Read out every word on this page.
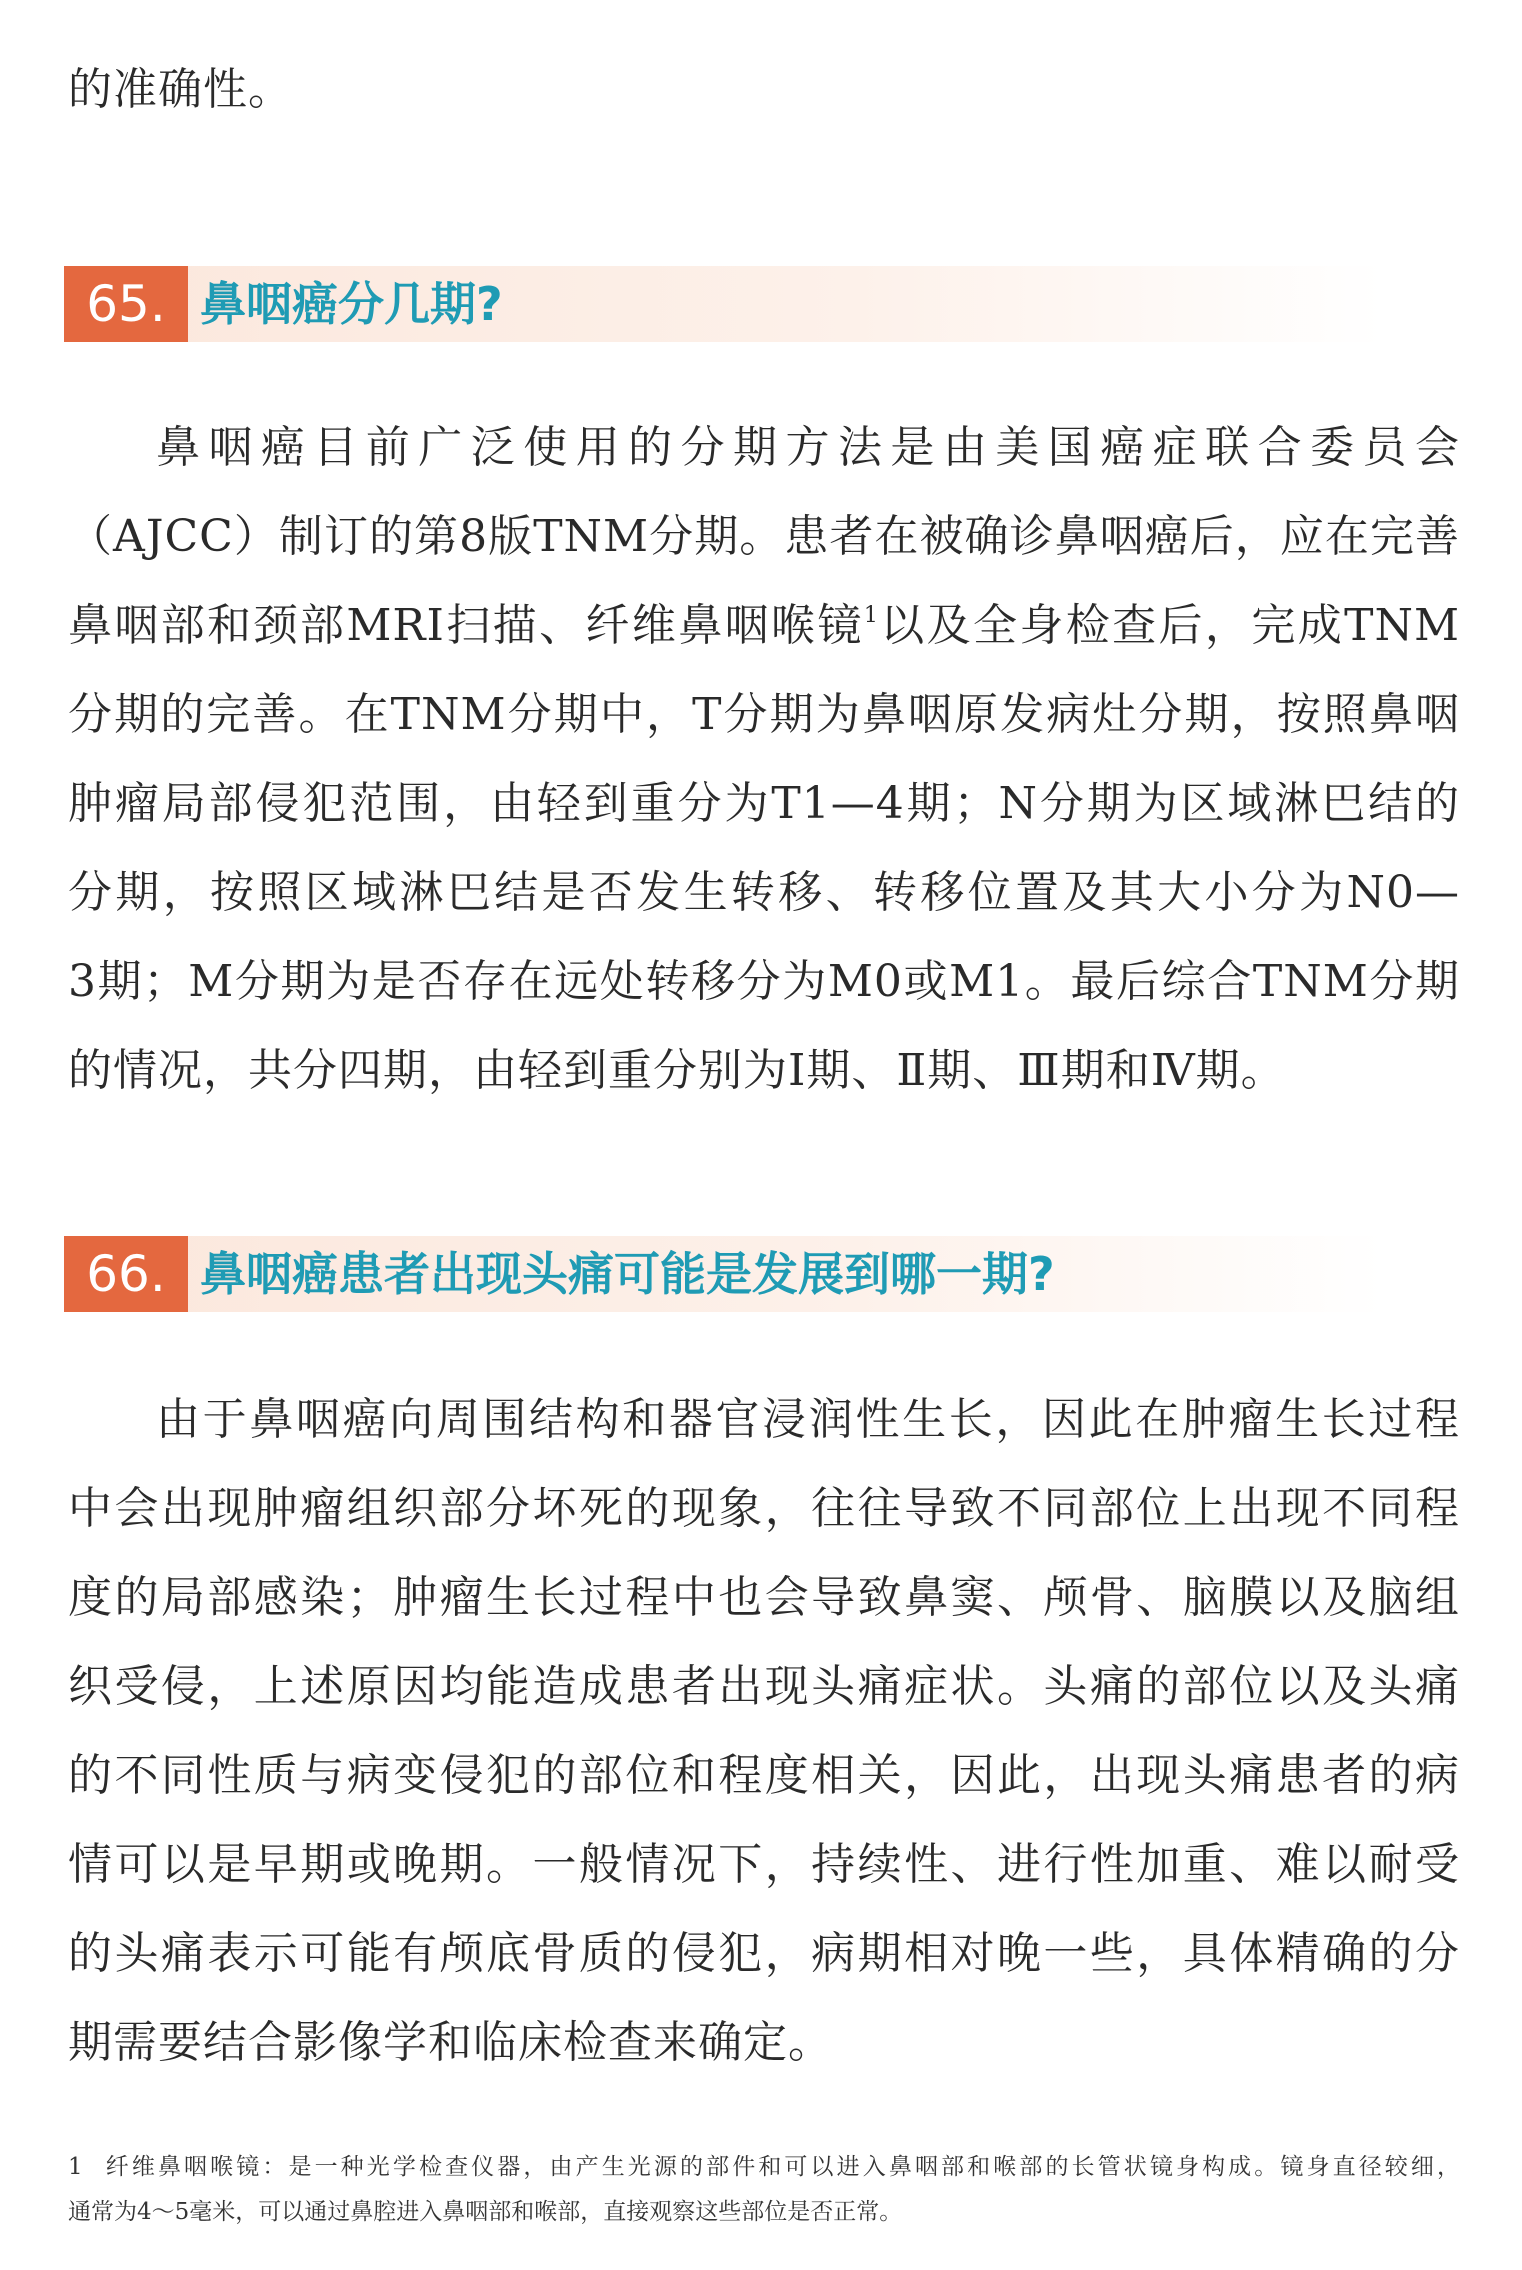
的准确性。
65. 鼻咽癌分几期?
鼻咽癌目前广泛使用的分期方法是由美国癌症联合委员会
（AJCC）制订的第8版TNM分期。患者在被确诊鼻咽癌后，应在完善
鼻咽部和颈部MRI扫描、纤维鼻咽喉镜$^1$以及全身检查后，完成TNM
分期的完善。在TNM分期中，T分期为鼻咽原发病灶分期，按照鼻咽
肿瘤局部侵犯范围，由轻到重分为T1—4期；N分期为区域淋巴结的
分期，按照区域淋巴结是否发生转移、转移位置及其大小分为N0—
3期；M分期为是否存在远处转移分为M0或M1。最后综合TNM分期
的情况，共分四期，由轻到重分别为Ⅰ期、Ⅱ期、Ⅲ期和Ⅳ期。
66. 鼻咽癌患者出现头痛可能是发展到哪一期?
由于鼻咽癌向周围结构和器官浸润性生长，因此在肿瘤生长过程
中会出现肿瘤组织部分坏死的现象，往往导致不同部位上出现不同程
度的局部感染；肿瘤生长过程中也会导致鼻窦、颅骨、脑膜以及脑组
织受侵，上述原因均能造成患者出现头痛症状。头痛的部位以及头痛
的不同性质与病变侵犯的部位和程度相关，因此，出现头痛患者的病
情可以是早期或晚期。一般情况下，持续性、进行性加重、难以耐受
的头痛表示可能有颅底骨质的侵犯，病期相对晚一些，具体精确的分
期需要结合影像学和临床检查来确定。
1 纤维鼻咽喉镜：是一种光学检查仪器，由产生光源的部件和可以进入鼻咽部和喉部的长管状镜身构成。镜身直径较细，
通常为4～5毫米，可以通过鼻腔进入鼻咽部和喉部，直接观察这些部位是否正常。
